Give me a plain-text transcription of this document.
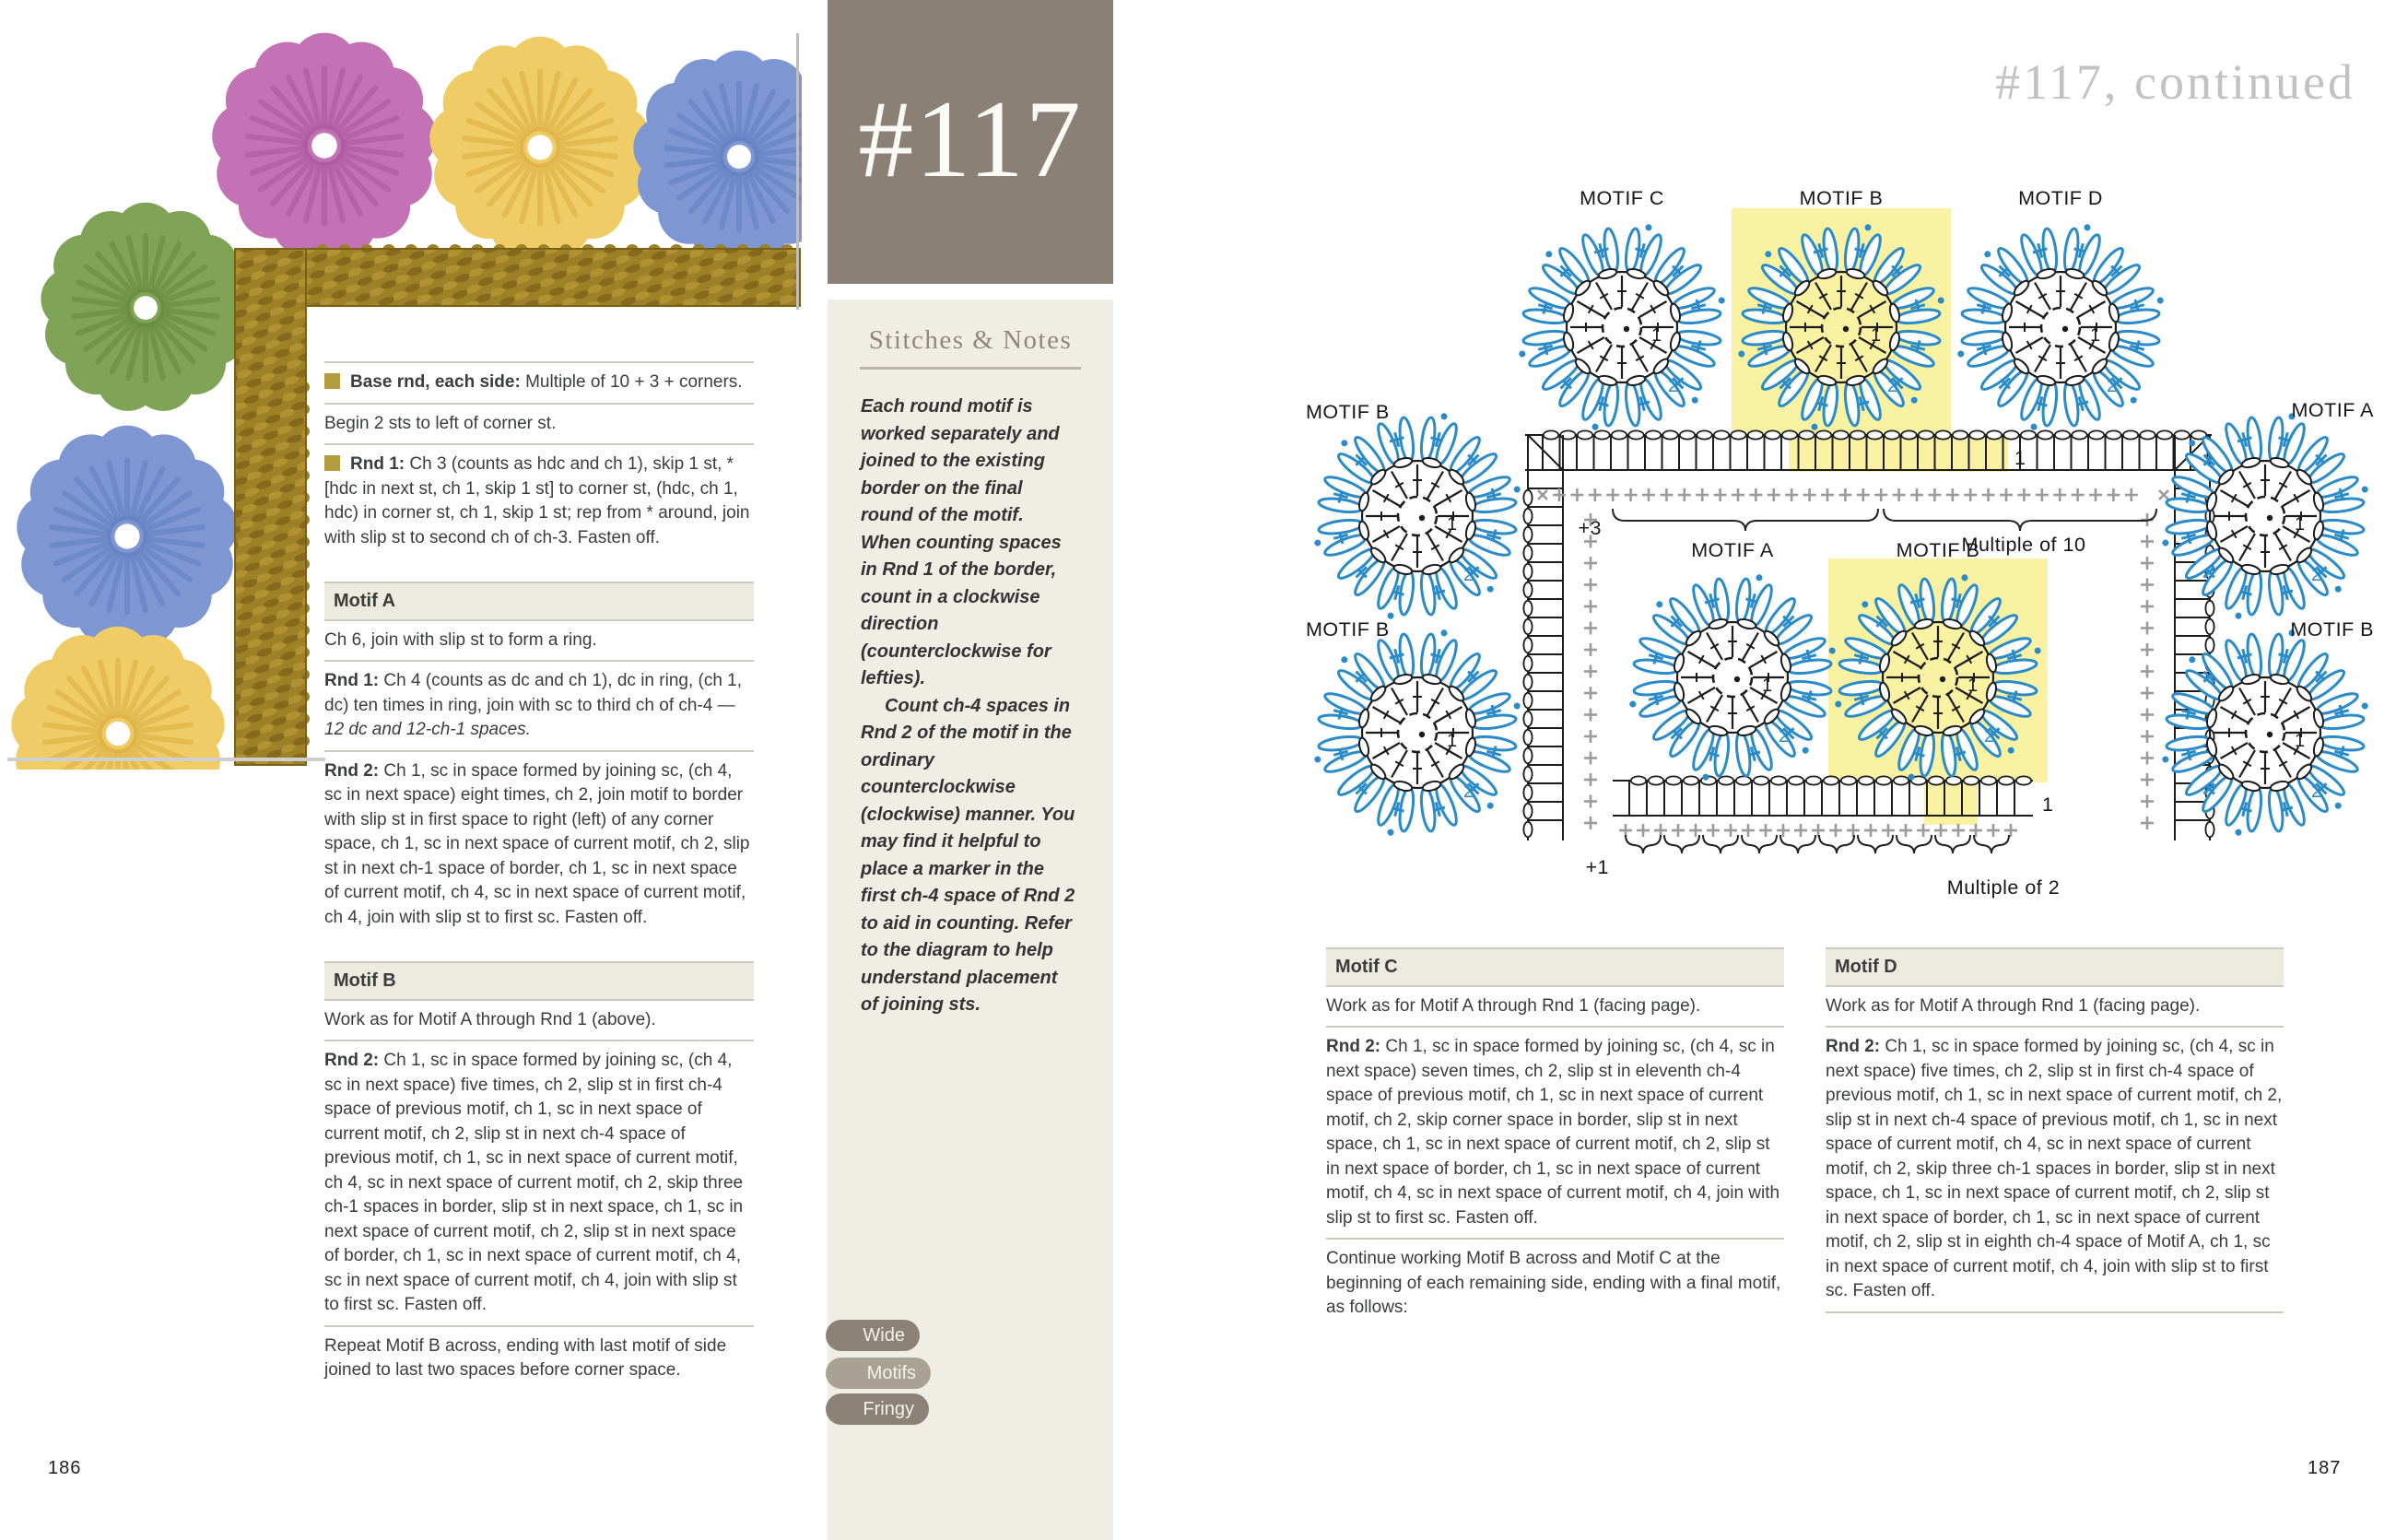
Base rnd, each side: Multiple of 10 + 3 + corners.
Begin 2 sts to left of corner st.
Rnd 1: Ch 3 (counts as hdc and ch 1), skip 1 st, *[hdc in next st, ch 1, skip 1 st] to corner st, (hdc, ch 1, hdc) in corner st, ch 1, skip 1 st; rep from * around, join with slip st to second ch of ch-3. Fasten off.
Motif A
Ch 6, join with slip st to form a ring.
Rnd 1: Ch 4 (counts as dc and ch 1), dc in ring, (ch 1, dc) ten times in ring, join with sc to third ch of ch-4 — 12 dc and 12-ch-1 spaces.
Rnd 2: Ch 1, sc in space formed by joining sc, (ch 4, sc in next space) eight times, ch 2, join motif to border with slip st in first space to right (left) of any corner space, ch 1, sc in next space of current motif, ch 2, slip st in next ch-1 space of border, ch 1, sc in next space of current motif, ch 4, sc in next space of current motif, ch 4, join with slip st to first sc. Fasten off.
Motif B
Work as for Motif A through Rnd 1 (above).
Rnd 2: Ch 1, sc in space formed by joining sc, (ch 4, sc in next space) five times, ch 2, slip st in first ch-4 space of previous motif, ch 1, sc in next space of current motif, ch 2, slip st in next ch-4 space of previous motif, ch 1, sc in next space of current motif, ch 4, sc in next space of current motif, ch 2, skip three ch-1 spaces in border, slip st in next space, ch 1, sc in next space of current motif, ch 2, slip st in next space of border, ch 1, sc in next space of current motif, ch 4, sc in next space of current motif, ch 4, join with slip st to first sc. Fasten off.
Repeat Motif B across, ending with last motif of side joined to last two spaces before corner space.
#117
Stitches & Notes

Each round motif is worked separately and joined to the existing border on the final round of the motif. When counting spaces in Rnd 1 of the border, count in a clockwise direction (counterclockwise for lefties).

Count ch-4 spaces in Rnd 2 of the motif in the ordinary counterclockwise (clockwise) manner. You may find it helpful to place a marker in the first ch-4 space of Rnd 2 to aid in counting. Refer to the diagram to help understand placement of joining sts.

Wide
Motifs
Fringy
#117, continued
1
2
1
2
1
2
1
2
1
2
1
2
1
2
1
2
1
2
MOTIF C	MOTIF B	MOTIF D
MOTIF B	MOTIF A
MOTIF B	MOTIF B
MOTIF A	MOTIF B
+3
Multiple of 10
1
1
+1
Multiple of 2
Motif C
Work as for Motif A through Rnd 1 (facing page).
Rnd 2: Ch 1, sc in space formed by joining sc, (ch 4, sc in next space) seven times, ch 2, slip st in eleventh ch-4 space of previous motif, ch 1, sc in next space of current motif, ch 2, skip corner space in border, slip st in next space, ch 1, sc in next space of current motif, ch 2, slip st in next space of border, ch 1, sc in next space of current motif, ch 4, sc in next space of current motif, ch 4, join with slip st to first sc. Fasten off.
Continue working Motif B across and Motif C at the beginning of each remaining side, ending with a final motif, as follows:
Motif D
Work as for Motif A through Rnd 1 (facing page).
Rnd 2: Ch 1, sc in space formed by joining sc, (ch 4, sc in next space) five times, ch 2, slip st in first ch-4 space of previous motif, ch 1, sc in next space of current motif, ch 2, slip st in next ch-4 space of previous motif, ch 1, sc in next space of current motif, ch 4, sc in next space of current motif, ch 2, skip three ch-1 spaces in border, slip st in next space, ch 1, sc in next space of current motif, ch 2, slip st in next space of border, ch 1, sc in next space of current motif, ch 2, slip st in eighth ch-4 space of Motif A, ch 1, sc in next space of current motif, ch 4, join with slip st to first sc. Fasten off.
186	187
